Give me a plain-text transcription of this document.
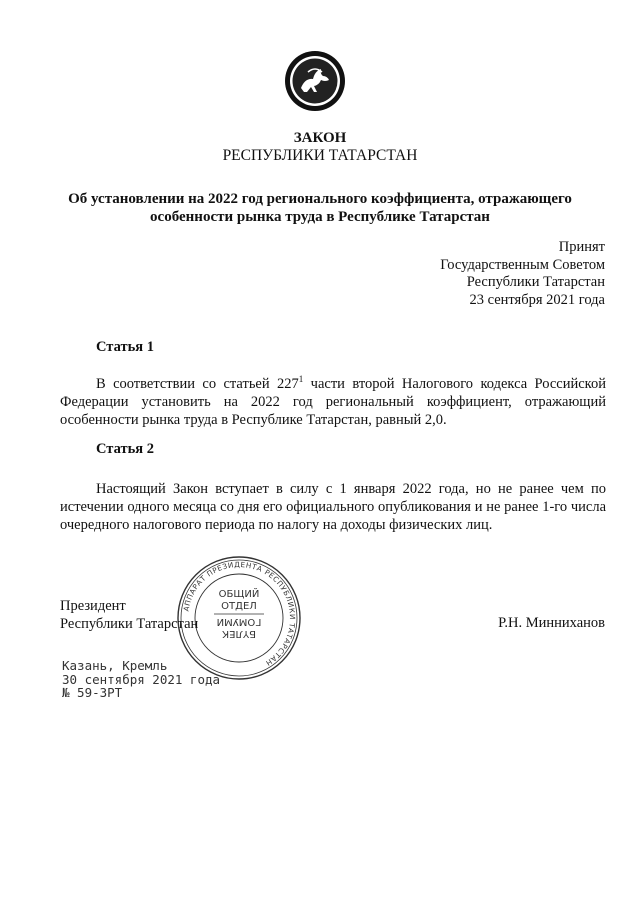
ЗАКОН
РЕСПУБЛИКИ ТАТАРСТАН
Об установлении на 2022 год регионального коэффициента, отражающего особенности рынка труда в Республике Татарстан
Принят
Государственным Советом
Республики Татарстан
23 сентября 2021 года
Статья 1
В соответствии со статьей $227^1$ части второй Налогового кодекса Российской Федерации установить на 2022 год региональный коэффициент, отражающий особенности рынка труда в Республике Татарстан, равный 2,0.
Статья 2
Настоящий Закон вступает в силу с 1 января 2022 года, но не ранее чем по истечении одного месяца со дня его официального опубликования и не ранее 1-го числа очередного налогового периода по налогу на доходы физических лиц.
АППАРАТ ПРЕЗИДЕНТА РЕСПУБЛИКИ ТАТАРСТАН
ОБЩИЙ
ОТДЕЛ
БҮЛЕК
ГОМУМИ
Президент
Республики Татарстан	Р.Н. Минниханов
Казань, Кремль
30 сентября 2021 года
№ 59-ЗРТ
